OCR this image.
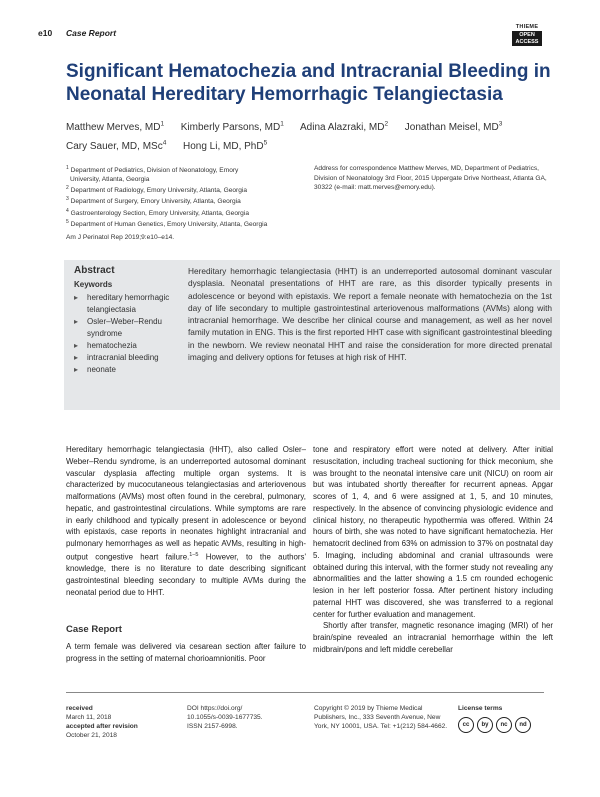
e10 Case Report
THIEME
OPEN
ACCESS
Significant Hematochezia and Intracranial Bleeding in Neonatal Hereditary Hemorrhagic Telangiectasia
Matthew Merves, $MD^1$ Kimberly Parsons, $MD^1$ Adina Alazraki, $MD^2$ Jonathan Meisel, $MD^3$
Cary Sauer, MD, MSc$^4$ Hong Li, MD, PhD$^5$
$^1$ Department of Pediatrics, Division of Neonatology, Emory
University, Atlanta, Georgia
$^2$ Department of Radiology, Emory University, Atlanta, Georgia
$^3$ Department of Surgery, Emory University, Atlanta, Georgia
$^4$ Gastroenterology Section, Emory University, Atlanta, Georgia
$^5$ Department of Human Genetics, Emory University, Atlanta, Georgia
Address for correspondence Matthew Merves, MD, Department of Pediatrics, Division of Neonatology 3rd Floor, 2015 Uppergate Drive Northeast, Atlanta GA, 30322 (e-mail: matt.merves@emory.edu).
Am J Perinatol Rep 2019;9:e10–e14.
Abstract
Keywords
▸ hereditary hemorrhagic telangiectasia
▸ Osler–Weber–Rendu syndrome
▸ hematochezia
▸ intracranial bleeding
▸ neonate

Hereditary hemorrhagic telangiectasia (HHT) is an underreported autosomal dominant vascular dysplasia. Neonatal presentations of HHT are rare, as this disorder typically presents in adolescence or beyond with epistaxis. We report a female neonate with hematochezia on the 1st day of life secondary to multiple gastrointestinal arteriovenous malformations (AVMs) along with intracranial hemorrhage. We describe her clinical course and management, as well as her novel family mutation in ENG. This is the first reported HHT case with significant gastrointestinal bleeding in the newborn. We review neonatal HHT and raise the consideration for more directed prenatal imaging and delivery options for fetuses at high risk of HHT.

Hereditary hemorrhagic telangiectasia (HHT), also called Osler–Weber–Rendu syndrome, is an underreported autosomal dominant vascular dysplasia affecting multiple organ systems. It is characterized by mucocutaneous telangiectasias and arteriovenous malformations (AVMs) most often found in the cerebral, pulmonary, hepatic, and gastrointestinal circulations. While symptoms are rare in early childhood and typically present in adolescence or beyond with epistaxis, case reports in neonates highlight intracranial and pulmonary hemorrhages as well as hepatic AVMs, resulting in high-output congestive heart failure.$^{1-5}$ However, to the authors' knowledge, there is no literature to date describing significant gastrointestinal bleeding secondary to multiple AVMs during the neonatal period due to HHT.
Case Report

A term female was delivered via cesarean section after failure to progress in the setting of maternal chorioamnionitis. Poor

tone and respiratory effort were noted at delivery. After initial resuscitation, including tracheal suctioning for thick meconium, she was brought to the neonatal intensive care unit (NICU) on room air but was intubated shortly thereafter for recurrent apneas. Apgar scores of 1, 4, and 6 were assigned at 1, 5, and 10 minutes, respectively. In the absence of convincing physiologic evidence and clinical history, no therapeutic hypothermia was offered. Within 24 hours of birth, she was noted to have significant hematochezia. Her hematocrit declined from 63% on admission to 37% on postnatal day 5. Imaging, including abdominal and cranial ultrasounds were obtained during this interval, with the former study not revealing any abnormalities and the latter showing a 1.5 cm rounded echogenic lesion in her left posterior fossa. After pertinent history including paternal HHT was discovered, she was transferred to a regional center for further evaluation and management.

Shortly after transfer, magnetic resonance imaging (MRI) of her brain/spine revealed an intracranial hemorrhage within the left midbrain/pons and left middle cerebellar

received
March 11, 2018
accepted after revision
October 21, 2018
DOI https://doi.org/
10.1055/s-0039-1677735.
ISSN 2157-6998.
Copyright © 2019 by Thieme Medical Publishers, Inc., 333 Seventh Avenue, New York, NY 10001, USA. Tel: +1(212) 584-4662.
License terms
cc	by	nc	nd
